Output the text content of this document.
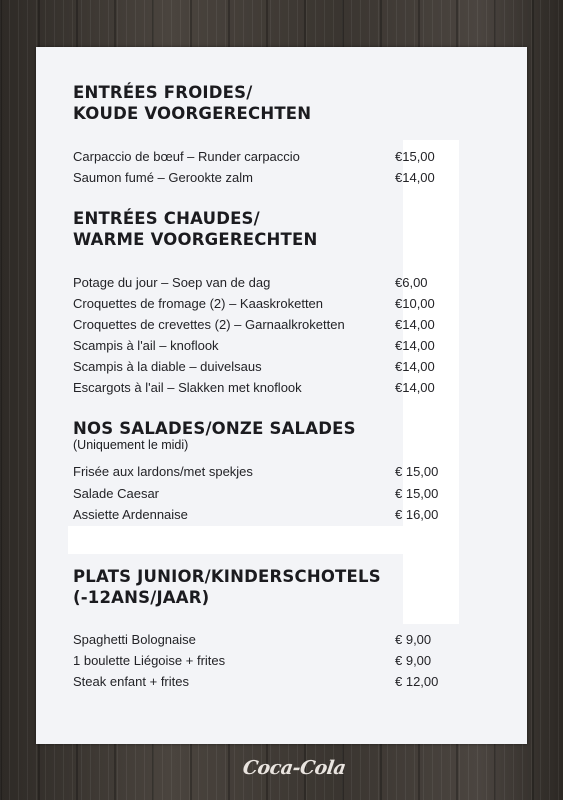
ENTRÉES FROIDES/
KOUDE VOORGERECHTEN
Carpaccio de bœuf – Runder carpaccio	€15,00
Saumon fumé – Gerookte zalm	€14,00
ENTRÉES CHAUDES/
WARME VOORGERECHTEN
Potage du jour – Soep van de dag	€6,00
Croquettes de fromage (2) – Kaaskroketten	€10,00
Croquettes de crevettes (2) – Garnaalkroketten	€14,00
Scampis à l'ail – knoflook	€14,00
Scampis à la diable – duivelsaus	€14,00
Escargots à l'ail – Slakken met knoflook	€14,00
NOS SALADES/ONZE SALADES
(Uniquement le midi)
Frisée aux lardons/met spekjes	€ 15,00
Salade Caesar	€ 15,00
Assiette Ardennaise	€ 16,00
PLATS JUNIOR/KINDERSCHOTELS
(-12ANS/JAAR)
Spaghetti Bolognaise	€ 9,00
1 boulette Liégoise + frites	€ 9,00
Steak enfant + frites	€ 12,00
Coca-Cola
